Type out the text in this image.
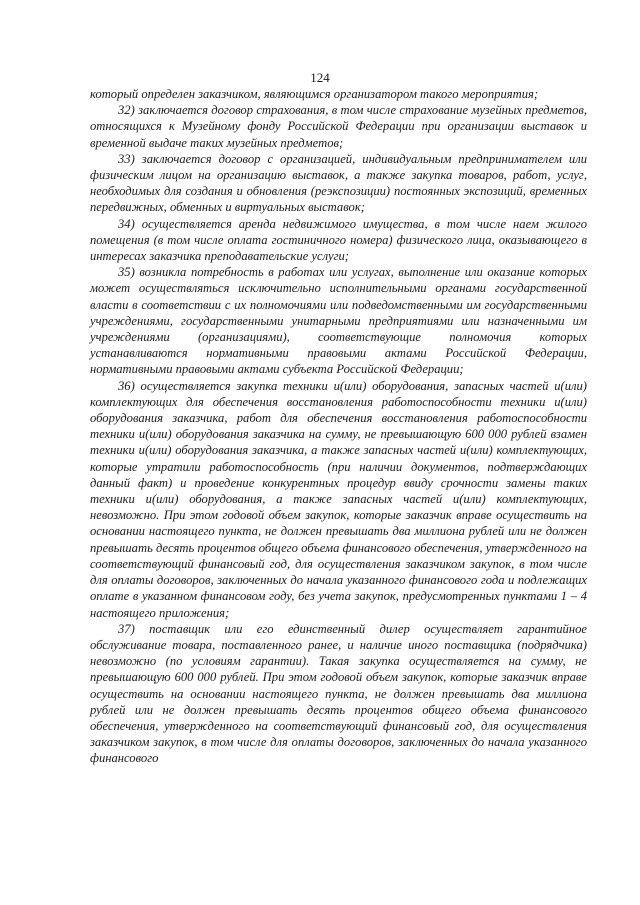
124

который определен заказчиком, являющимся организатором такого мероприятия;

32) заключается договор страхования, в том числе страхование музейных предметов, относящихся к Музейному фонду Российской Федерации при организации выставок и временной выдаче таких музейных предметов;

33) заключается договор с организацией, индивидуальным предпринимателем или физическим лицом на организацию выставок, а также закупка товаров, работ, услуг, необходимых для создания и обновления (реэкспозиции) постоянных экспозиций, временных передвижных, обменных и виртуальных выставок;

34) осуществляется аренда недвижимого имущества, в том числе наем жилого помещения (в том числе оплата гостиничного номера) физического лица, оказывающего в интересах заказчика преподавательские услуги;

35) возникла потребность в работах или услугах, выполнение или оказание которых может осуществляться исключительно исполнительными органами государственной власти в соответствии с их полномочиями или подведомственными им государственными учреждениями, государственными унитарными предприятиями или назначенными им учреждениями (организациями), соответствующие полномочия которых устанавливаются нормативными правовыми актами Российской Федерации, нормативными правовыми актами субъекта Российской Федерации;

36) осуществляется закупка техники и(или) оборудования, запасных частей и(или) комплектующих для обеспечения восстановления работоспособности техники и(или) оборудования заказчика, работ для обеспечения восстановления работоспособности техники и(или) оборудования заказчика на сумму, не превышающую 600 000 рублей взамен техники и(или) оборудования заказчика, а также запасных частей и(или) комплектующих, которые утратили работоспособность (при наличии документов, подтверждающих данный факт) и проведение конкурентных процедур ввиду срочности замены таких техники и(или) оборудования, а также запасных частей и(или) комплектующих, невозможно. При этом годовой объем закупок, которые заказчик вправе осуществить на основании настоящего пункта, не должен превышать два миллиона рублей или не должен превышать десять процентов общего объема финансового обеспечения, утвержденного на соответствующий финансовый год, для осуществления заказчиком закупок, в том числе для оплаты договоров, заключенных до начала указанного финансового года и подлежащих оплате в указанном финансовом году, без учета закупок, предусмотренных пунктами 1 – 4 настоящего приложения;

37) поставщик или его единственный дилер осуществляет гарантийное обслуживание товара, поставленного ранее, и наличие иного поставщика (подрядчика) невозможно (по условиям гарантии). Такая закупка осуществляется на сумму, не превышающую 600 000 рублей. При этом годовой объем закупок, которые заказчик вправе осуществить на основании настоящего пункта, не должен превышать два миллиона рублей или не должен превышать десять процентов общего объема финансового обеспечения, утвержденного на соответствующий финансовый год, для осуществления заказчиком закупок, в том числе для оплаты договоров, заключенных до начала указанного финансового
